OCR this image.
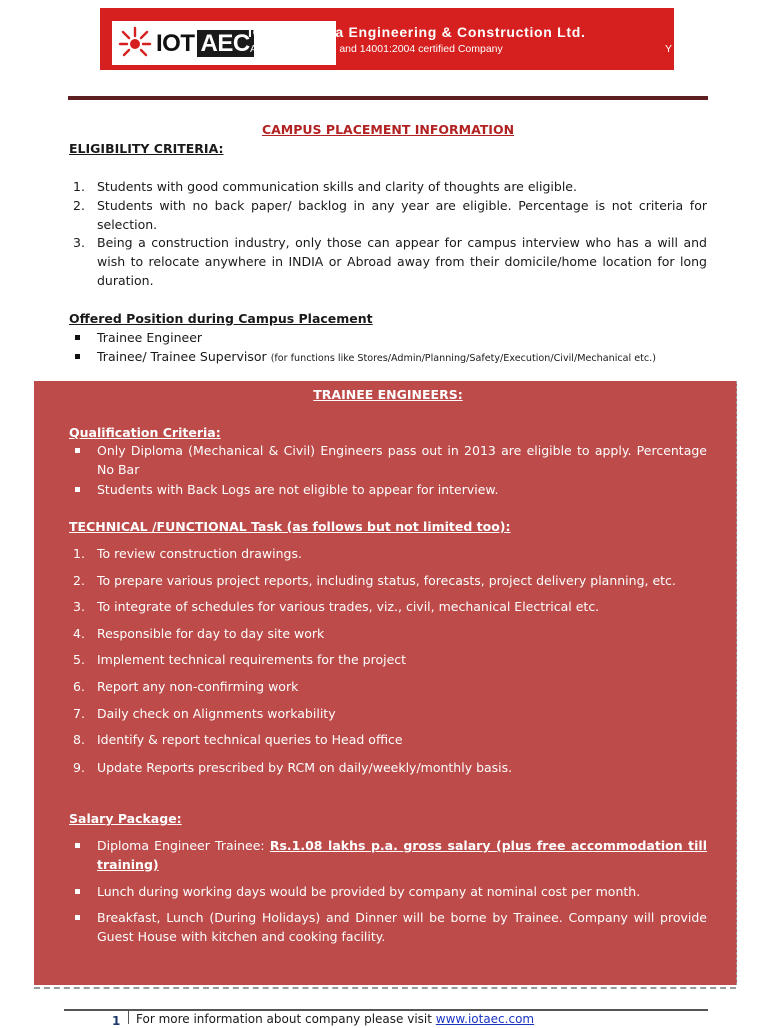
IOT AEC
IOT Anwesha Engineering & Construction Ltd.
An ISO 9001:2008 and 14001:2004 certified Company	Y
CAMPUS PLACEMENT INFORMATION
ELIGIBILITY CRITERIA:
1. Students with good communication skills and clarity of thoughts are eligible.
2. Students with no back paper/ backlog in any year are eligible. Percentage is not criteria for selection.
3. Being a construction industry, only those can appear for campus interview who has a will and wish to relocate anywhere in INDIA or Abroad away from their domicile/home location for long duration.
Offered Position during Campus Placement
Trainee Engineer
Trainee/ Trainee Supervisor (for functions like Stores/Admin/Planning/Safety/Execution/Civil/Mechanical etc.)
TRAINEE ENGINEERS:
Qualification Criteria:
Only Diploma (Mechanical & Civil) Engineers pass out in 2013 are eligible to apply. Percentage No Bar
Students with Back Logs are not eligible to appear for interview.
TECHNICAL /FUNCTIONAL Task (as follows but not limited too):
1. To review construction drawings.
2. To prepare various project reports, including status, forecasts, project delivery planning, etc.
3. To integrate of schedules for various trades, viz., civil, mechanical Electrical etc.
4. Responsible for day to day site work
5. Implement technical requirements for the project
6. Report any non-confirming work
7. Daily check on Alignments workability
8. Identify & report technical queries to Head office
9. Update Reports prescribed by RCM on daily/weekly/monthly basis.
Salary Package:
Diploma Engineer Trainee: Rs.1.08 lakhs p.a. gross salary (plus free accommodation till training)
Lunch during working days would be provided by company at nominal cost per month.
Breakfast, Lunch (During Holidays) and Dinner will be borne by Trainee. Company will provide Guest House with kitchen and cooking facility.
1 For more information about company please visit www.iotaec.com
